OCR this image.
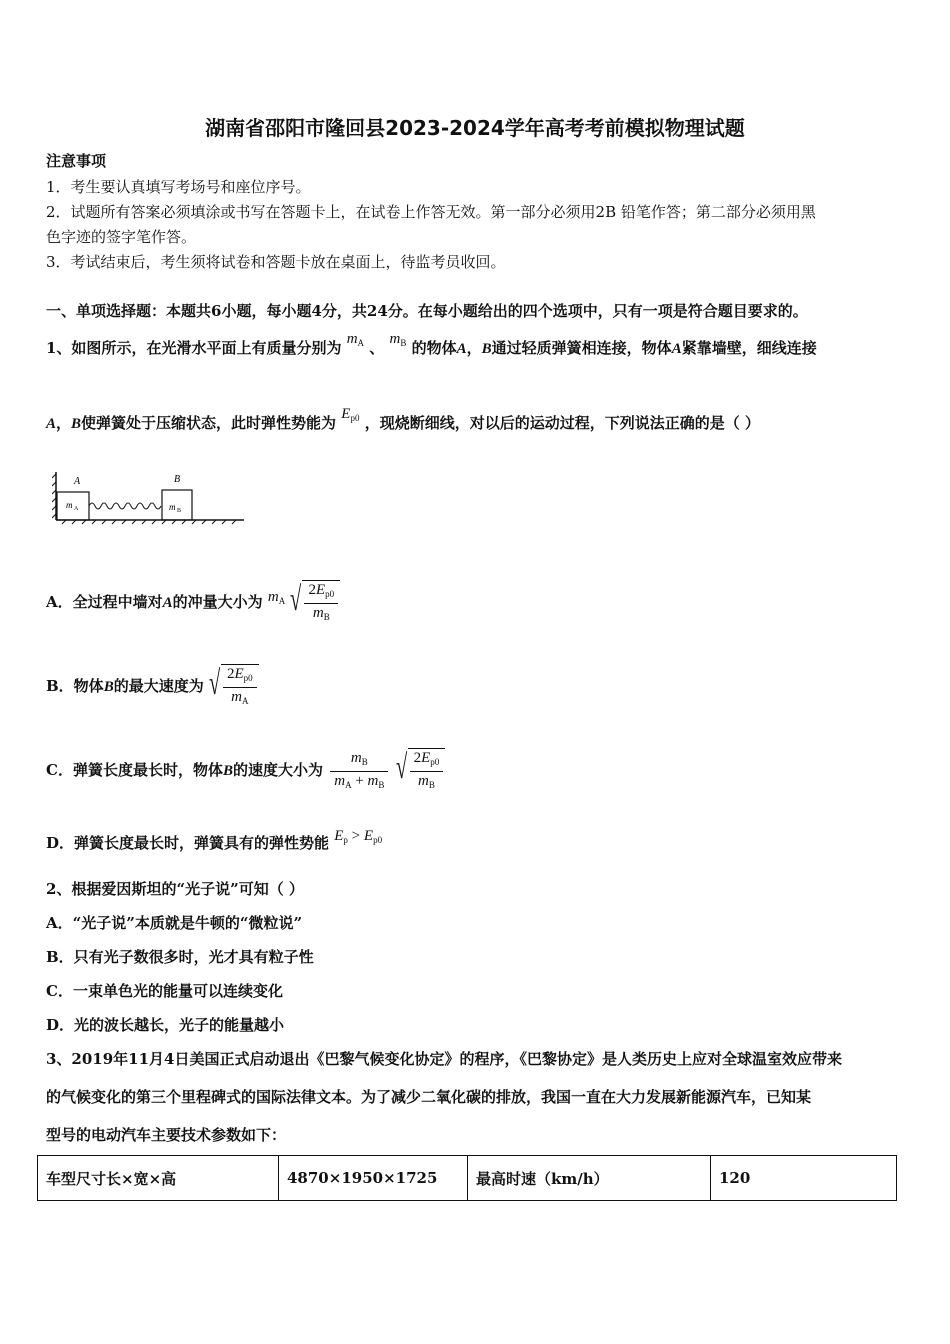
湖南省邵阳市隆回县2023-2024学年高考考前模拟物理试题
注意事项
1．考生要认真填写考场号和座位序号。
2．试题所有答案必须填涂或书写在答题卡上，在试卷上作答无效。第一部分必须用2B 铅笔作答；第二部分必须用黑
色字迹的签字笔作答。
3．考试结束后，考生须将试卷和答题卡放在桌面上，待监考员收回。
一、单项选择题：本题共6小题，每小题4分，共24分。在每小题给出的四个选项中，只有一项是符合题目要求的。
1、如图所示，在光滑水平面上有质量分别为 $m_A$ 、 $m_B$ 的物体A，B通过轻质弹簧相连接，物体A紧靠墙壁，细线连接
A，B使弹簧处于压缩状态，此时弹性势能为 $E_{p0}$ ，现烧断细线，对以后的运动过程，下列说法正确的是（ ）
A	B
m A	m B
A．全过程中墙对A的冲量大小为 $m_A$ √ $\frac{2E_{p0}}{m_B}$
B．物体B的最大速度为 √ $\frac{2E_{p0}}{m_A}$
C．弹簧长度最长时，物体B的速度大小为 $\frac{m_B}{m_A + m_B}$
√ $\frac{2E_{p0}}{m_B}$
D．弹簧长度最长时，弹簧具有的弹性势能 $E_p > E_{p0}$
2、根据爱因斯坦的“光子说”可知（ ）
A．“光子说”本质就是牛顿的“微粒说”
B．只有光子数很多时，光才具有粒子性
C．一束单色光的能量可以连续变化
D．光的波长越长，光子的能量越小
3、2019年11月4日美国正式启动退出《巴黎气候变化协定》的程序，《巴黎协定》是人类历史上应对全球温室效应带来
的气候变化的第三个里程碑式的国际法律文本。为了减少二氧化碳的排放，我国一直在大力发展新能源汽车，已知某
型号的电动汽车主要技术参数如下：
车型尺寸长×宽×高	4870×1950×1725	最高时速（km/h）	120
